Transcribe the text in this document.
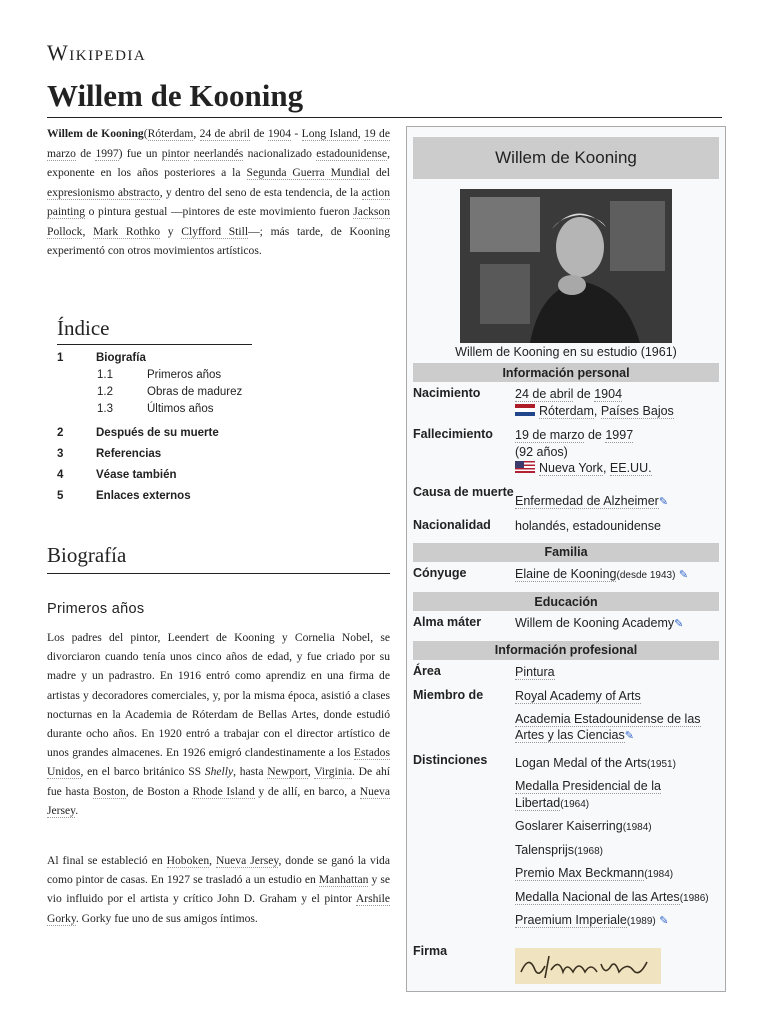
Wikipedia
Willem de Kooning

Willem de Kooning(Róterdam, 24 de abril de 1904 - Long Island, 19 de marzo de 1997) fue un pintor neerlandés nacionalizado estadounidense, exponente en los años posteriores a la Segunda Guerra Mundial del expresionismo abstracto, y dentro del seno de esta tendencia, de la action painting o pintura gestual —pintores de este movimiento fueron Jackson Pollock, Mark Rothko y Clyfford Still—; más tarde, de Kooning experimentó con otros movimientos artísticos.

Índice
1	Biografía
1.1	Primeros años
1.2	Obras de madurez
1.3	Últimos años
2	Después de su muerte
3	Referencias
4	Véase también
5	Enlaces externos
Biografía
Primeros años

Los padres del pintor, Leendert de Kooning y Cornelia Nobel, se divorciaron cuando tenía unos cinco años de edad, y fue criado por su madre y un padrastro. En 1916 entró como aprendiz en una firma de artistas y decoradores comerciales, y, por la misma época, asistió a clases nocturnas en la Academia de Róterdam de Bellas Artes, donde estudió durante ocho años. En 1920 entró a trabajar con el director artístico de unos grandes almacenes. En 1926 emigró clandestinamente a los Estados Unidos, en el barco británico SS Shelly, hasta Newport, Virginia. De ahí fue hasta Boston, de Boston a Rhode Island y de allí, en barco, a Nueva Jersey.

Al final se estableció en Hoboken, Nueva Jersey, donde se ganó la vida como pintor de casas. En 1927 se trasladó a un estudio en Manhattan y se vio influido por el artista y crítico John D. Graham y el pintor Arshile Gorky. Gorky fue uno de sus amigos íntimos.

Willem de Kooning
Willem de Kooning en su estudio (1961)
Información personal
Nacimiento	24 de abril de 1904
Róterdam, Países Bajos
Fallecimiento	19 de marzo de 1997
(92 años)
Nueva York, EE.UU.
Causa de muerte
Enfermedad de Alzheimer✎
Nacionalidad	holandés, estadounidense
Familia
Cónyuge	Elaine de Kooning(desde 1943) ✎
Educación
Alma máter	Willem de Kooning Academy✎
Información profesional
Área	Pintura
Miembro de	Royal Academy of Arts
Academia Estadounidense de las Artes y las Ciencias✎
Distinciones	Logan Medal of the Arts(1951)
Medalla Presidencial de la Libertad(1964)
Goslarer Kaiserring(1984)
Talensprijs(1968)
Premio Max Beckmann(1984)
Medalla Nacional de las Artes(1986)
Praemium Imperiale(1989) ✎
Firma
